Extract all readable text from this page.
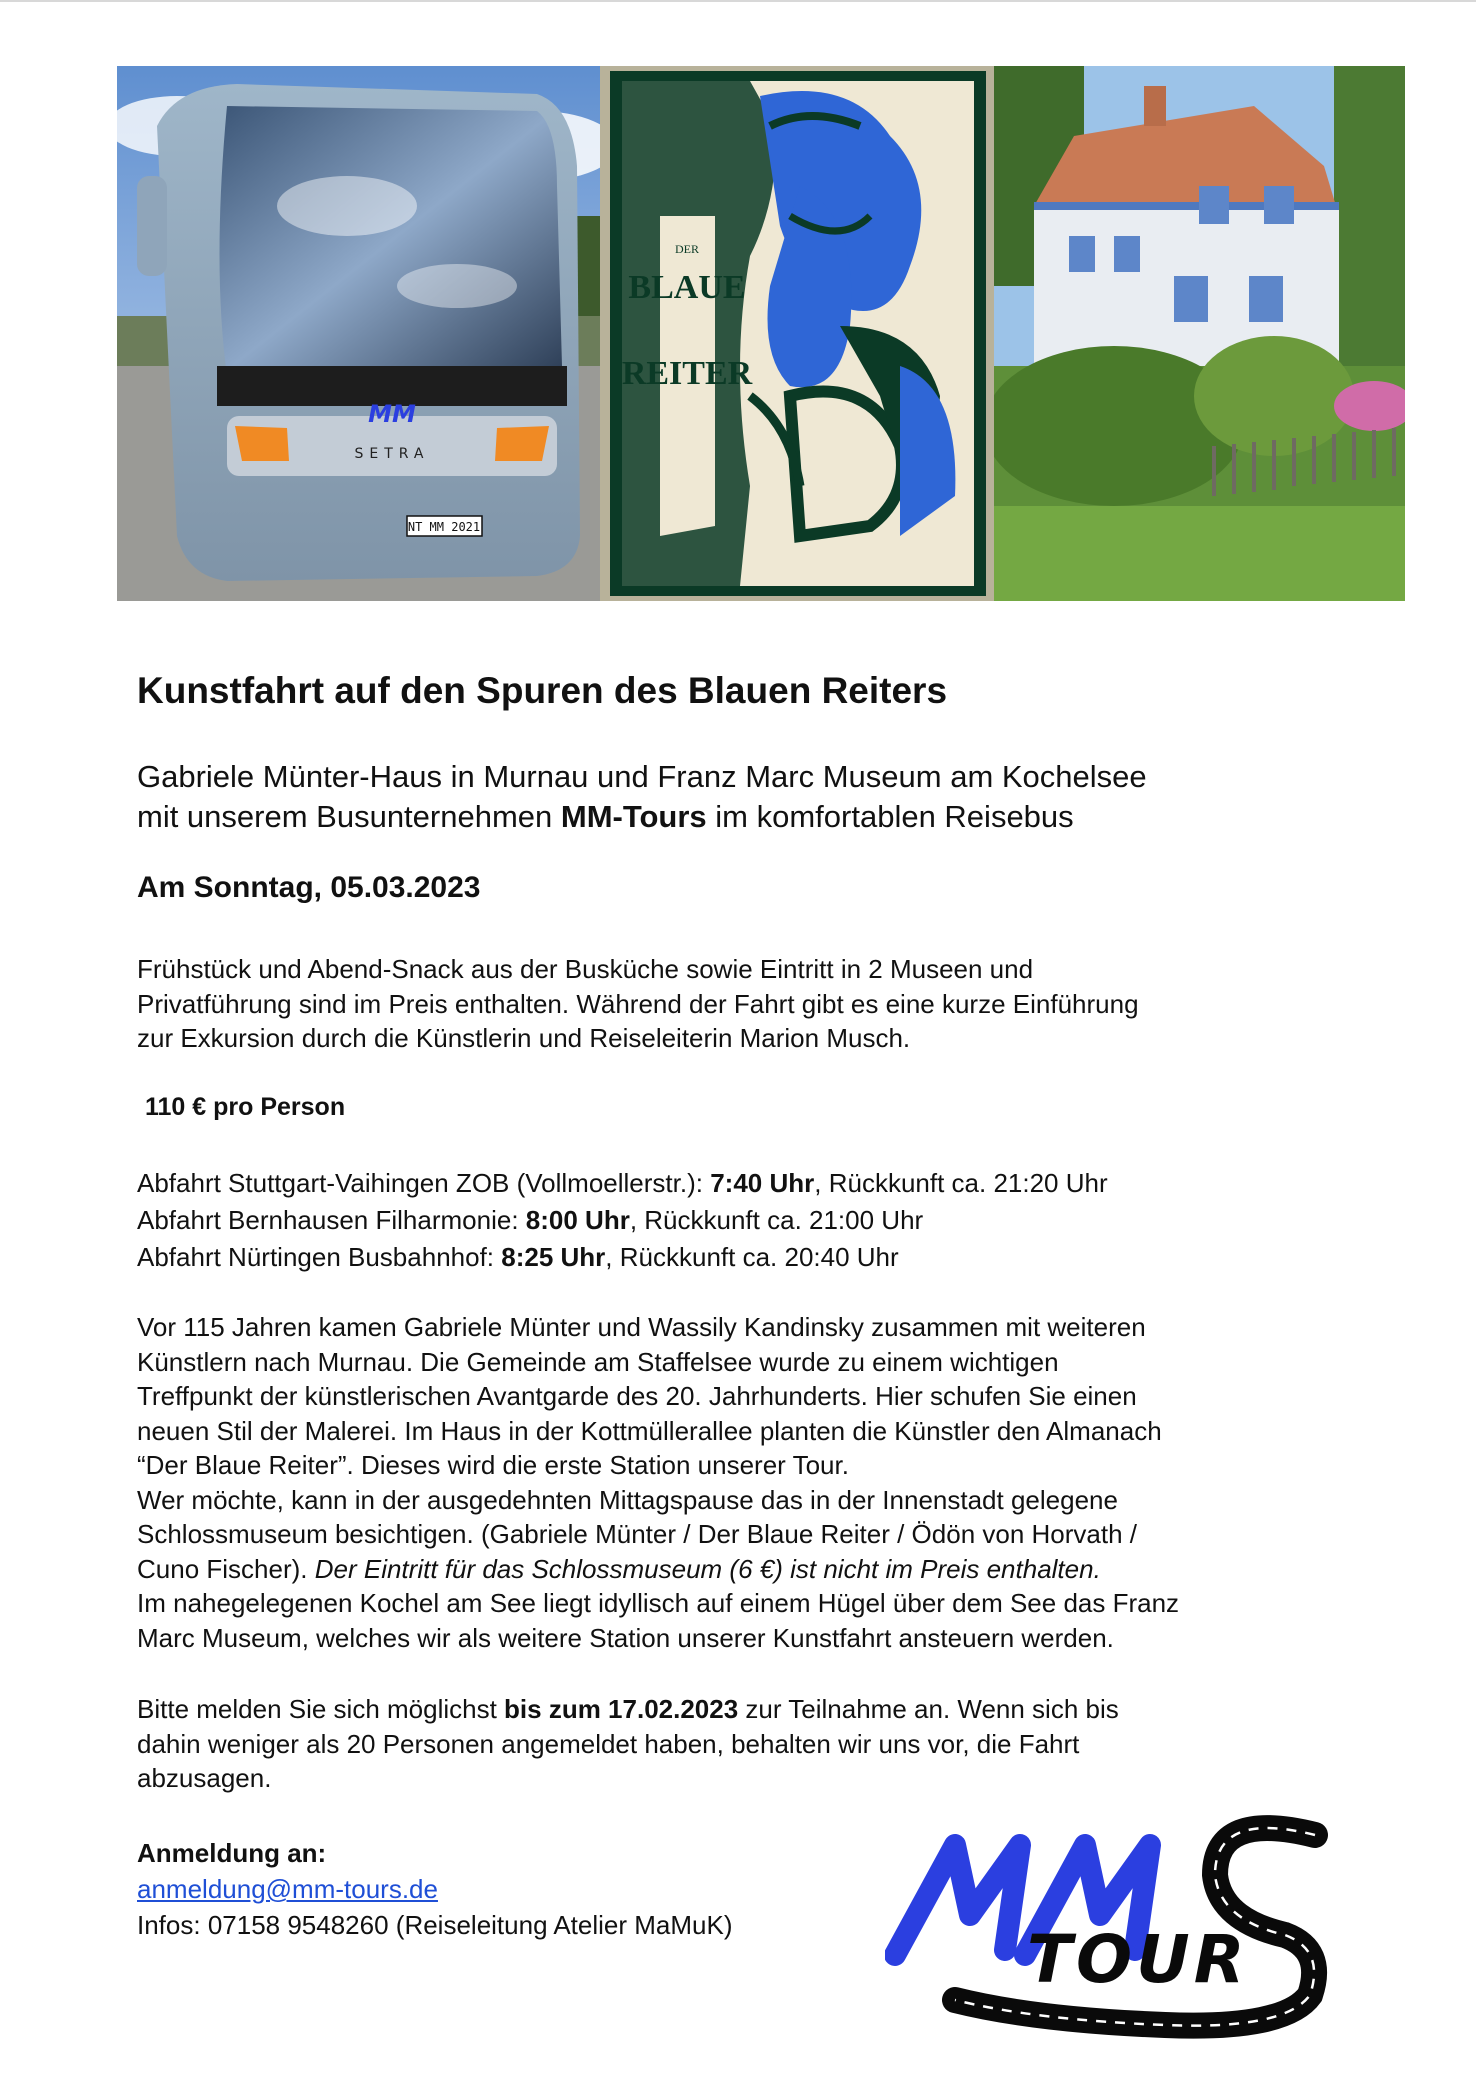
MM
SETRA
NT MM 2021
DER
BLAUE
REITER
Kunstfahrt auf den Spuren des Blauen Reiters

Gabriele Münter-Haus in Murnau und Franz Marc Museum am Kochelsee
mit unserem Busunternehmen MM-Tours im komfortablen Reisebus

Am Sonntag, 05.03.2023

Frühstück und Abend-Snack aus der Busküche sowie Eintritt in 2 Museen und
Privatführung sind im Preis enthalten. Während der Fahrt gibt es eine kurze Einführung
zur Exkursion durch die Künstlerin und Reiseleiterin Marion Musch.

110 € pro Person

Abfahrt Stuttgart-Vaihingen ZOB (Vollmoellerstr.): 7:40 Uhr, Rückkunft ca. 21:20 Uhr
Abfahrt Bernhausen Filharmonie: 8:00 Uhr, Rückkunft ca. 21:00 Uhr
Abfahrt Nürtingen Busbahnhof: 8:25 Uhr, Rückkunft ca. 20:40 Uhr

Vor 115 Jahren kamen Gabriele Münter und Wassily Kandinsky zusammen mit weiteren
Künstlern nach Murnau. Die Gemeinde am Staffelsee wurde zu einem wichtigen
Treffpunkt der künstlerischen Avantgarde des 20. Jahrhunderts. Hier schufen Sie einen
neuen Stil der Malerei. Im Haus in der Kottmüllerallee planten die Künstler den Almanach
“Der Blaue Reiter”. Dieses wird die erste Station unserer Tour.
Wer möchte, kann in der ausgedehnten Mittagspause das in der Innenstadt gelegene
Schlossmuseum besichtigen. (Gabriele Münter / Der Blaue Reiter / Ödön von Horvath /
Cuno Fischer). Der Eintritt für das Schlossmuseum (6 €) ist nicht im Preis enthalten.
Im nahegelegenen Kochel am See liegt idyllisch auf einem Hügel über dem See das Franz
Marc Museum, welches wir als weitere Station unserer Kunstfahrt ansteuern werden.

Bitte melden Sie sich möglichst bis zum 17.02.2023 zur Teilnahme an. Wenn sich bis
dahin weniger als 20 Personen angemeldet haben, behalten wir uns vor, die Fahrt
abzusagen.

Anmeldung an:
anmeldung@mm-tours.de
Infos: 07158 9548260 (Reiseleitung Atelier MaMuK)	TOUR
